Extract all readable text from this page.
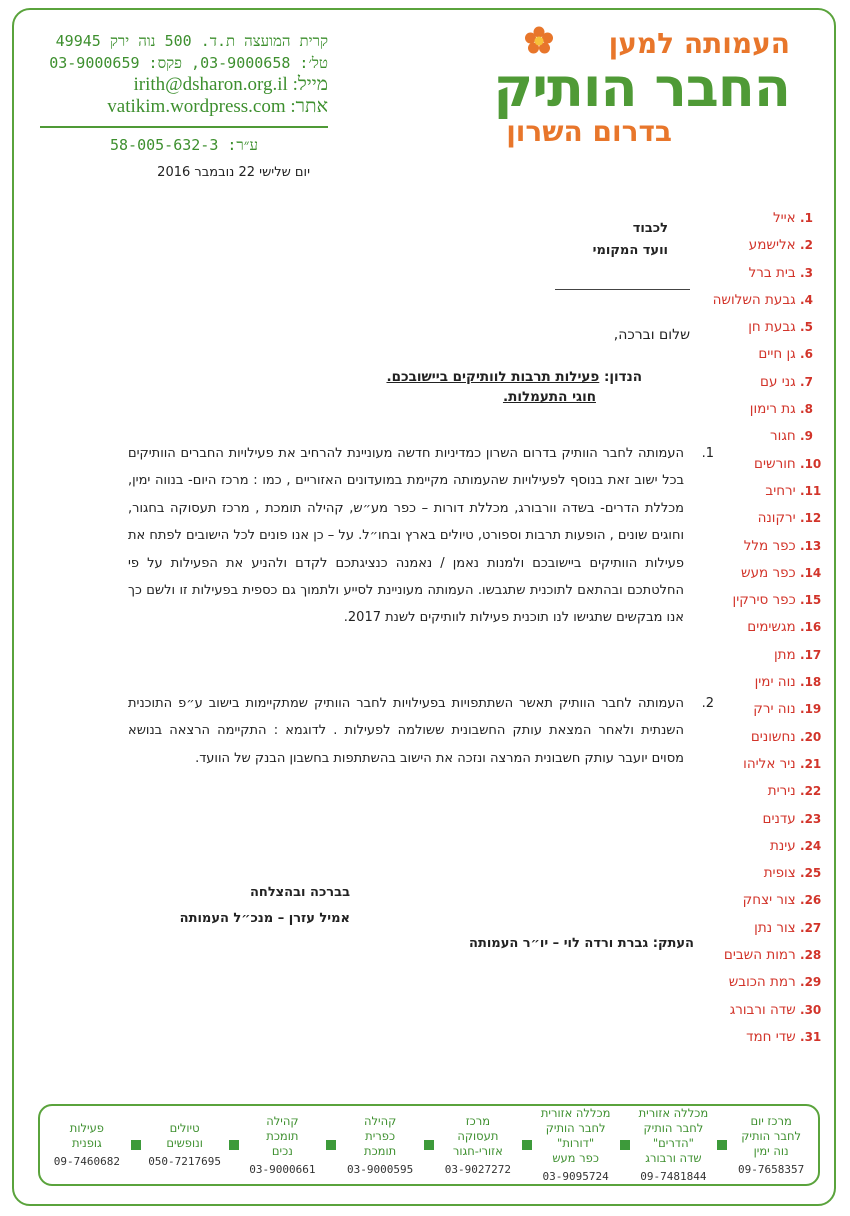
העמותה למען
החבר הותיק
בדרום השרון
קרית המועצה ת.ד. 500 נוה ירק 49945
טל׳: 03-9000658, פקס: 03-9000659
מייל: irith@dsharon.org.il
אתר: vatikim.wordpress.com
ע״ר: 58-005-632-3
יום שלישי 22 נובמבר 2016
לכבוד
וועד המקומי
שלום וברכה,
הנדון: פעילות תרבות לוותיקים ביישובכם.
חוגי התעמלות.
1.
העמותה לחבר הוותיק בדרום השרון כמדיניות חדשה מעוניינת להרחיב את פעילויות החברים הוותיקים בכל ישוב זאת בנוסף לפעילויות שהעמותה מקיימת במועדונים האזוריים , כמו : מרכז היום- בנווה ימין, מכללת הדרים- בשדה וורבורג, מכללת דורות – כפר מע״ש, קהילה תומכת , מרכז תעסוקה בחגור, וחוגים שונים , הופעות תרבות וספורט, טיולים בארץ ובחו״ל. על – כן אנו פונים לכל הישובים לפתח את פעילות הוותיקים ביישובכם ולמנות נאמן / נאמנה כנציגתכם לקדם ולהניע את הפעילות על פי החלטתכם ובהתאם לתוכנית שתגבשו. העמותה מעוניינת לסייע ולתמוך גם כספית בפעילות זו ולשם כך אנו מבקשים שתגישו לנו תוכנית פעילות לוותיקים לשנת 2017.
2.
העמותה לחבר הוותיק תאשר השתתפויות בפעילויות לחבר הוותיק שמתקיימות בישוב ע״פ התוכנית השנתית ולאחר המצאת עותק החשבונית ששולמה לפעילות . לדוגמא : התקיימה הרצאה בנושא מסוים יועבר עותק חשבונית המרצה ונזכה את הישוב בהשתתפות בחשבון הבנק של הוועד.
בברכה ובהצלחה
אמיל עזרן – מנכ״ל העמותה
העתק: גברת ורדה לוי – יו״ר העמותה
1. אייל
2. אלישמע
3. בית ברל
4. גבעת השלושה
5. גבעת חן
6. גן חיים
7. גני עם
8. גת רימון
9. חגור
10. חורשים
11. ירחיב
12. ירקונה
13. כפר מלל
14. כפר מעש
15. כפר סירקין
16. מגשימים
17. מתן
18. נוה ימין
19. נוה ירק
20. נחשונים
21. ניר אליהו
22. נירית
23. עדנים
24. עינת
25. צופית
26. צור יצחק
27. צור נתן
28. רמות השבים
29. רמת הכובש
30. שדה ורבורג
31. שדי חמד
מרכז יום
לחבר הותיק
נוה ימין
09-7658357
מכללה אזורית
לחבר הותיק "הדרים"
שדה ורבורג
09-7481844
מכללה אזורית
לחבר הותיק "דורות"
כפר מעש
03-9095724
מרכז
תעסוקה
אזורי-חגור
03-9027272
קהילה
כפרית
תומכת
03-9000595
קהילה
תומכת
נכים
03-9000661
טיולים
ונופשים
050-7217695
פעילות
גופנית
09-7460682
